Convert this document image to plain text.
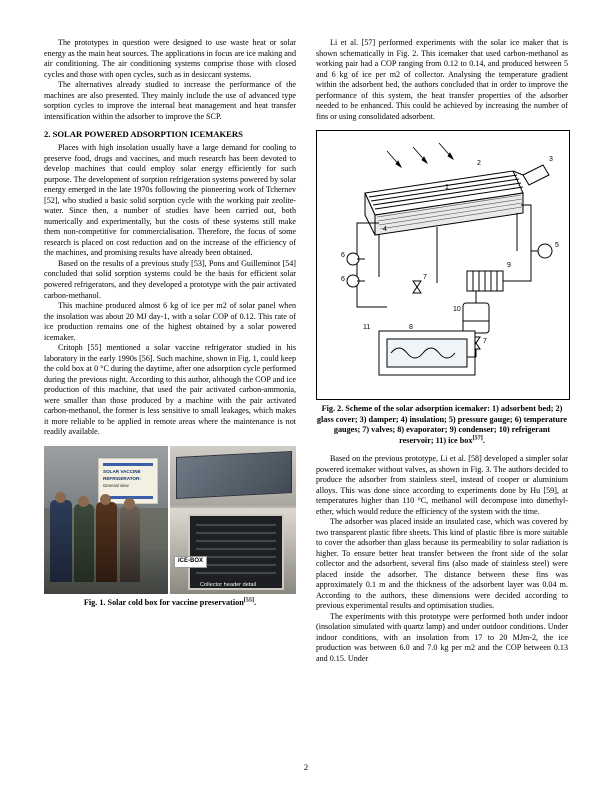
The prototypes in question were designed to use waste heat or solar energy as the main heat sources. The applications in focus are ice making and air conditioning. The air conditioning systems comprise those with closed cycles and those with open cycles, such as in desiccant systems.

The alternatives already studied to increase the performance of the machines are also presented. They mainly include the use of advanced type sorption cycles to improve the internal heat management and heat transfer intensification within the adsorber to improve the SCP.

2. SOLAR POWERED ADSORPTION ICEMAKERS

Places with high insolation usually have a large demand for cooling to preserve food, drugs and vaccines, and much research has been devoted to develop machines that could employ solar energy efficiently for such purpose. The development of sorption refrigeration systems powered by solar energy emerged in the late 1970s following the pioneering work of Tchernev [52], who studied a basic solid sorption cycle with the working pair zeolite-water. Since then, a number of studies have been carried out, both numerically and experimentally, but the costs of these systems still make them non-competitive for commercialisation. Therefore, the focus of some research is placed on cost reduction and on the increase of the efficiency of the machines, and promising results have already been obtained.

Based on the results of a previous study [53], Pons and Guilleminot [54] concluded that solid sorption systems could be the basis for efficient solar powered refrigerators, and they developed a prototype with the pair activated carbon-methanol.

This machine produced almost 6 kg of ice per m2 of solar panel when the insolation was about 20 MJ day-1, with a solar COP of 0.12. This rate of ice production remains one of the highest obtained by a solar powered icemaker.

Critoph [55] mentioned a solar vaccine refrigerator studied in his laboratory in the early 1990s [56]. Such machine, shown in Fig. 1, could keep the cold box at 0 °C during the daytime, after one adsorption cycle performed during the previous night. According to this author, although the COP and ice production of this machine, that used the pair activated carbon-ammonia, were smaller than those produced by a machine with the pair activated carbon-methanol, the former is less sensitive to small leakages, which makes it more reliable to be applied in remote areas where the maintenance is not readily available.

SOLAR VACCINE
REFRIGERATOR:
General view
ICE-BOX
Collector header detail
Fig. 1. Solar cold box for vaccine preservation[55].

Li et al. [57] performed experiments with the solar ice maker that is shown schematically in Fig. 2. This icemaker that used carbon-methanol as working pair had a COP ranging from 0.12 to 0.14, and produced between 5 and 6 kg of ice per m2 of collector. Analysing the temperature gradient within the adsorbent bed, the authors concluded that in order to improve the performance of this system, the heat transfer properties of the adsorber needed to be enhanced. This could be achieved by increasing the number of fins or using consolidated adsorbent.

1
2
3
4
5
6
6	7
7
8
9
10
11
Fig. 2. Scheme of the solar adsorption icemaker: 1) adsorbent bed; 2) glass cover; 3) damper; 4) insulation; 5) pressure gauge; 6) temperature gauges; 7) valves; 8) evaporator; 9) condenser; 10) refrigerant reservoir; 11) ice box[57].

Based on the previous prototype, Li et al. [58] developed a simpler solar powered icemaker without valves, as shown in Fig. 3. The authors decided to produce the adsorber from stainless steel, instead of cooper or aluminium alloys. This was done since according to experiments done by Hu [59], at temperatures higher than 110 °C, methanol will decompose into dimethyl-ether, which would reduce the efficiency of the system with the time.

The adsorber was placed inside an insulated case, which was covered by two transparent plastic fibre sheets. This kind of plastic fibre is more suitable to cover the adsorber than glass because its permeability to solar radiation is higher. To ensure better heat transfer between the front side of the solar collector and the adsorbent, several fins (also made of stainless steel) were placed inside the adsorber. The distance between these fins was approximately 0.1 m and the thickness of the adsorbent layer was 0.04 m. According to the authors, these dimensions were decided according to previous experimental results and optimisation studies.

The experiments with this prototype were performed both under indoor (insolation simulated with quartz lamp) and under outdoor conditions. Under indoor conditions, with an insolation from 17 to 20 MJm-2, the ice production was between 6.0 and 7.0 kg per m2 and the COP between 0.13 and 0.15. Under

2
